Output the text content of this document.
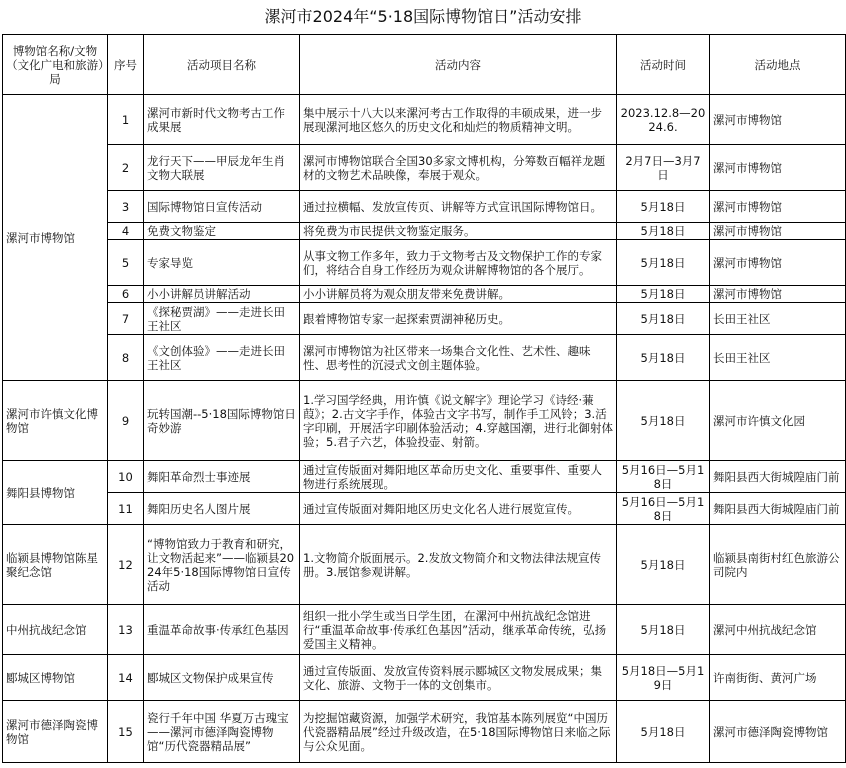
漯河市2024年“5·18国际博物馆日”活动安排
博物馆名称/文物（文化广电和旅游）局	序号	活动项目名称	活动内容	活动时间	活动地点
漯河市博物馆	1	漯河市新时代文物考古工作成果展	集中展示十八大以来漯河考古工作取得的丰硕成果，进一步展现漯河地区悠久的历史文化和灿烂的物质精神文明。	2023.12.8—2024.6.	漯河市博物馆
	2	龙行天下——甲辰龙年生肖文物大联展	漯河市博物馆联合全国30多家文博机构，分筹数百幅祥龙题材的文物艺术品映像，奉展于观众。	2月7日—3月7日	漯河市博物馆
	3	国际博物馆日宣传活动	通过拉横幅、发放宣传页、讲解等方式宣讯国际博物馆日。	5月18日	漯河市博物馆
	4	免费文物鉴定	将免费为市民提供文物鉴定服务。	5月18日	漯河市博物馆
	5	专家导览	从事文物工作多年，致力于文物考古及文物保护工作的专家们，将结合自身工作经历为观众讲解博物馆的各个展厅。	5月18日	漯河市博物馆
	6	小小讲解员讲解活动	小小讲解员将为观众朋友带来免费讲解。	5月18日	漯河市博物馆
	7	《探秘贾湖》——走进长田王社区	跟着博物馆专家一起探索贾湖神秘历史。	5月18日	长田王社区
	8	《文创体验》——走进长田王社区	漯河市博物馆为社区带来一场集合文化性、艺术性、趣味性、思考性的沉浸式文创主题体验。	5月18日	长田王社区
漯河市许慎文化博物馆	9	玩转国潮--5·18国际博物馆日奇妙游	1.学习国学经典，用许慎《说文解字》理论学习《诗经·蒹葭》；2.古文字手作，体验古文字书写，制作手工风铃；3.活字印刷，开展活字印刷体验活动；4.穿越国潮，进行北御射体验；5.君子六艺，体验投壶、射箭。	5月18日	漯河市许慎文化园
舞阳县博物馆	10	舞阳革命烈士事迹展	通过宣传版面对舞阳地区革命历史文化、重要事件、重要人物进行系统展现。	5月16日—5月18日	舞阳县西大街城隍庙门前
	11	舞阳历史名人图片展	通过宣传版面对舞阳地区历史文化名人进行展览宣传。	5月16日—5月18日	舞阳县西大街城隍庙门前
临颍县博物馆陈星聚纪念馆	12	“博物馆致力于教育和研究，让文物活起来”——临颍县2024年5·18国际博物馆日宣传活动	1.文物简介版面展示。2.发放文物简介和文物法律法规宣传册。3.展馆参观讲解。	5月18日	临颍县南街村红色旅游公司院内
中州抗战纪念馆	13	重温革命故事·传承红色基因	组织一批小学生或当日学生团，在漯河中州抗战纪念馆进行“重温革命故事·传承红色基因”活动，继承革命传统，弘扬爱国主义精神。	5月18日	漯河中州抗战纪念馆
郾城区博物馆	14	郾城区文物保护成果宣传	通过宣传版面、发放宣传资料展示郾城区文物发展成果；集文化、旅游、文物于一体的文创集市。	5月18日—5月19日	许南街街、黄河广场
漯河市德泽陶瓷博物馆	15	瓷行千年中国 华夏万古瑰宝 ——漯河市德泽陶瓷博物馆“历代瓷器精品展”	为挖掘馆藏资源，加强学术研究，我馆基本陈列展览“中国历代瓷器精品展”经过升级改造，在5·18国际博物馆日来临之际与公众见面。	5月18日	漯河市德泽陶瓷博物馆
